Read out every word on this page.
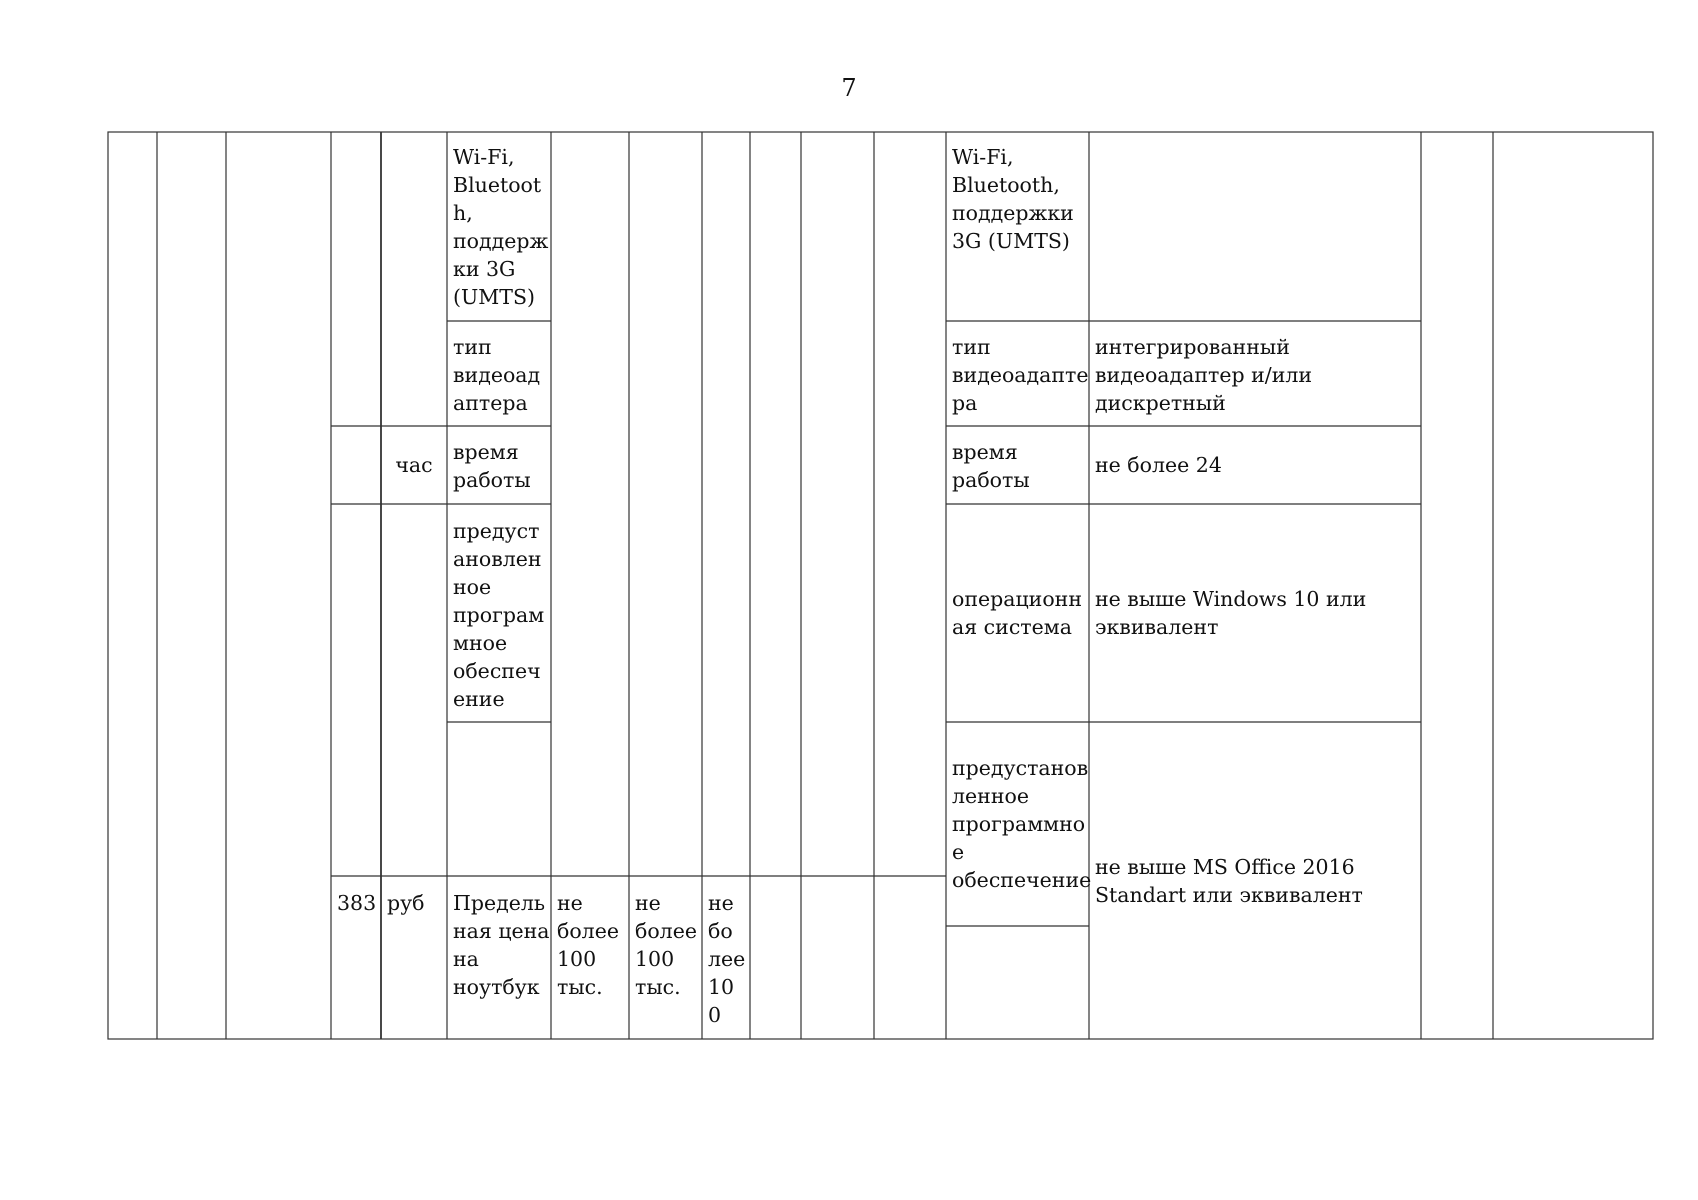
7
Wi-Fi,
Bluetoot
h,
поддерж
ки 3G
(UMTS)
тип
видеоад
аптера
час
время
работы
предуст
ановлен
ное
програм
мное
обеспеч
ение
383 руб	Предель
ная цена
на
ноутбук
не
более
100
тыс.
не
более
100
тыс.
не
бо
лее
10
0
Wi-Fi,
Bluetooth,
поддержки
3G (UMTS)
тип
видеоадапте
ра
интегрированный
видеоадаптер и/или
дискретный
время
работы
не более 24
операционн
ая система
не выше Windows 10 или
эквивалент
предустанов
ленное
программно
е
обеспечение
не выше MS Office 2016
Standart или эквивалент
